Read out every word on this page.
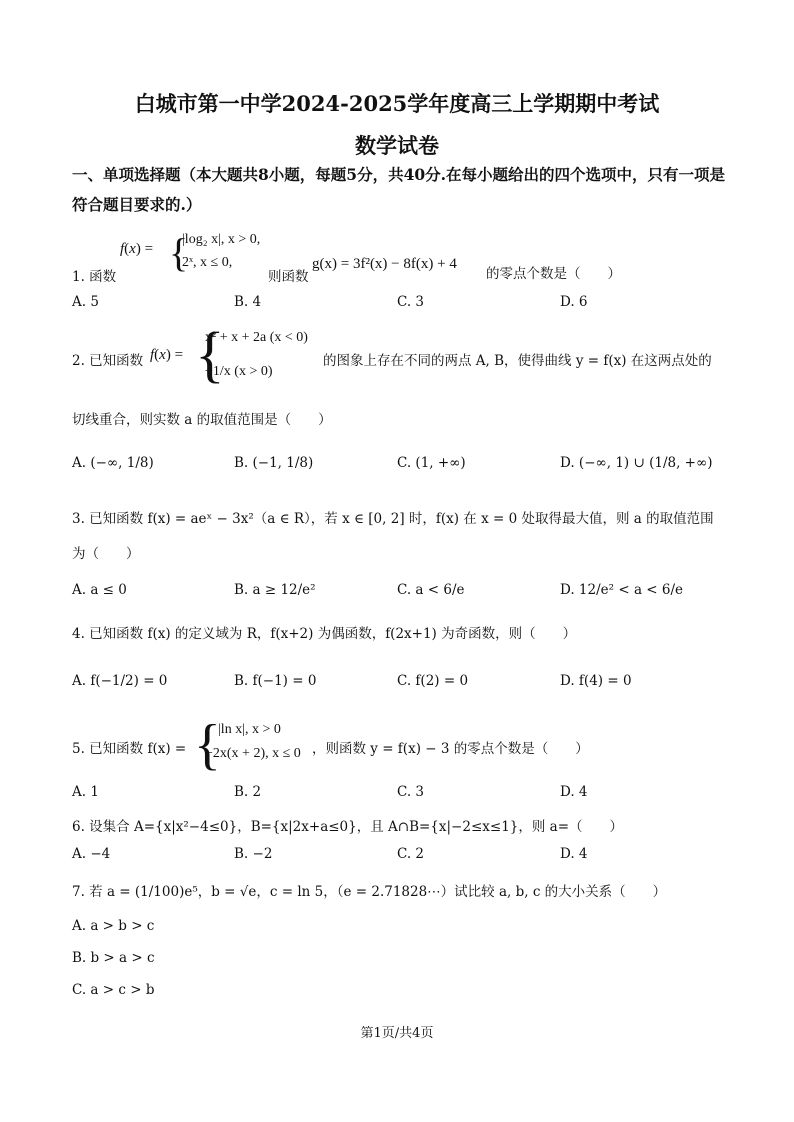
白城市第一中学2024-2025学年度高三上学期期中考试
数学试卷
一、单项选择题（本大题共8小题，每题5分，共40分.在每小题给出的四个选项中，只有一项是符合题目要求的.）
1. 函数
f(x) = {
|log₂ x|, x > 0,
2ˣ, x ≤ 0,
则函数
g(x) = 3f²(x) − 8f(x) + 4
的零点个数是（　　）
A. 5	B. 4	C. 3	D. 6
2. 已知函数 f(x) = {
x² + x + 2a (x < 0)
−1/x (x > 0)
的图象上存在不同的两点 A, B，使得曲线 y = f(x) 在这两点处的
切线重合，则实数 a 的取值范围是（　　）
A. (−∞, 1/8)	B. (−1, 1/8)	C. (1, +∞)	D. (−∞, 1) ∪ (1/8, +∞)
3. 已知函数 f(x) = aeˣ − 3x²（a ∈ R），若 x ∈ [0, 2] 时，f(x) 在 x = 0 处取得最大值，则 a 的取值范围
为（　　）
A. a ≤ 0	B. a ≥ 12/e²	C. a < 6/e	D. 12/e² < a < 6/e
4. 已知函数 f(x) 的定义域为 R，f(x+2) 为偶函数，f(2x+1) 为奇函数，则（　　）
A. f(−1/2) = 0	B. f(−1) = 0	C. f(2) = 0	D. f(4) = 0
5. 已知函数 f(x) = {
|ln x|, x > 0
−2x(x + 2), x ≤ 0 ，则函数 y = f(x) − 3 的零点个数是（　　）
A. 1	B. 2	C. 3	D. 4
6. 设集合 A={x|x²−4≤0}，B={x|2x+a≤0}，且 A∩B={x|−2≤x≤1}，则 a=（　　）
A. −4	B. −2	C. 2	D. 4
7. 若 a = (1/100)e⁵，b = √e，c = ln 5，（e = 2.71828⋯）试比较 a, b, c 的大小关系（　　）
A. a > b > c
B. b > a > c
C. a > c > b
第1页/共4页
